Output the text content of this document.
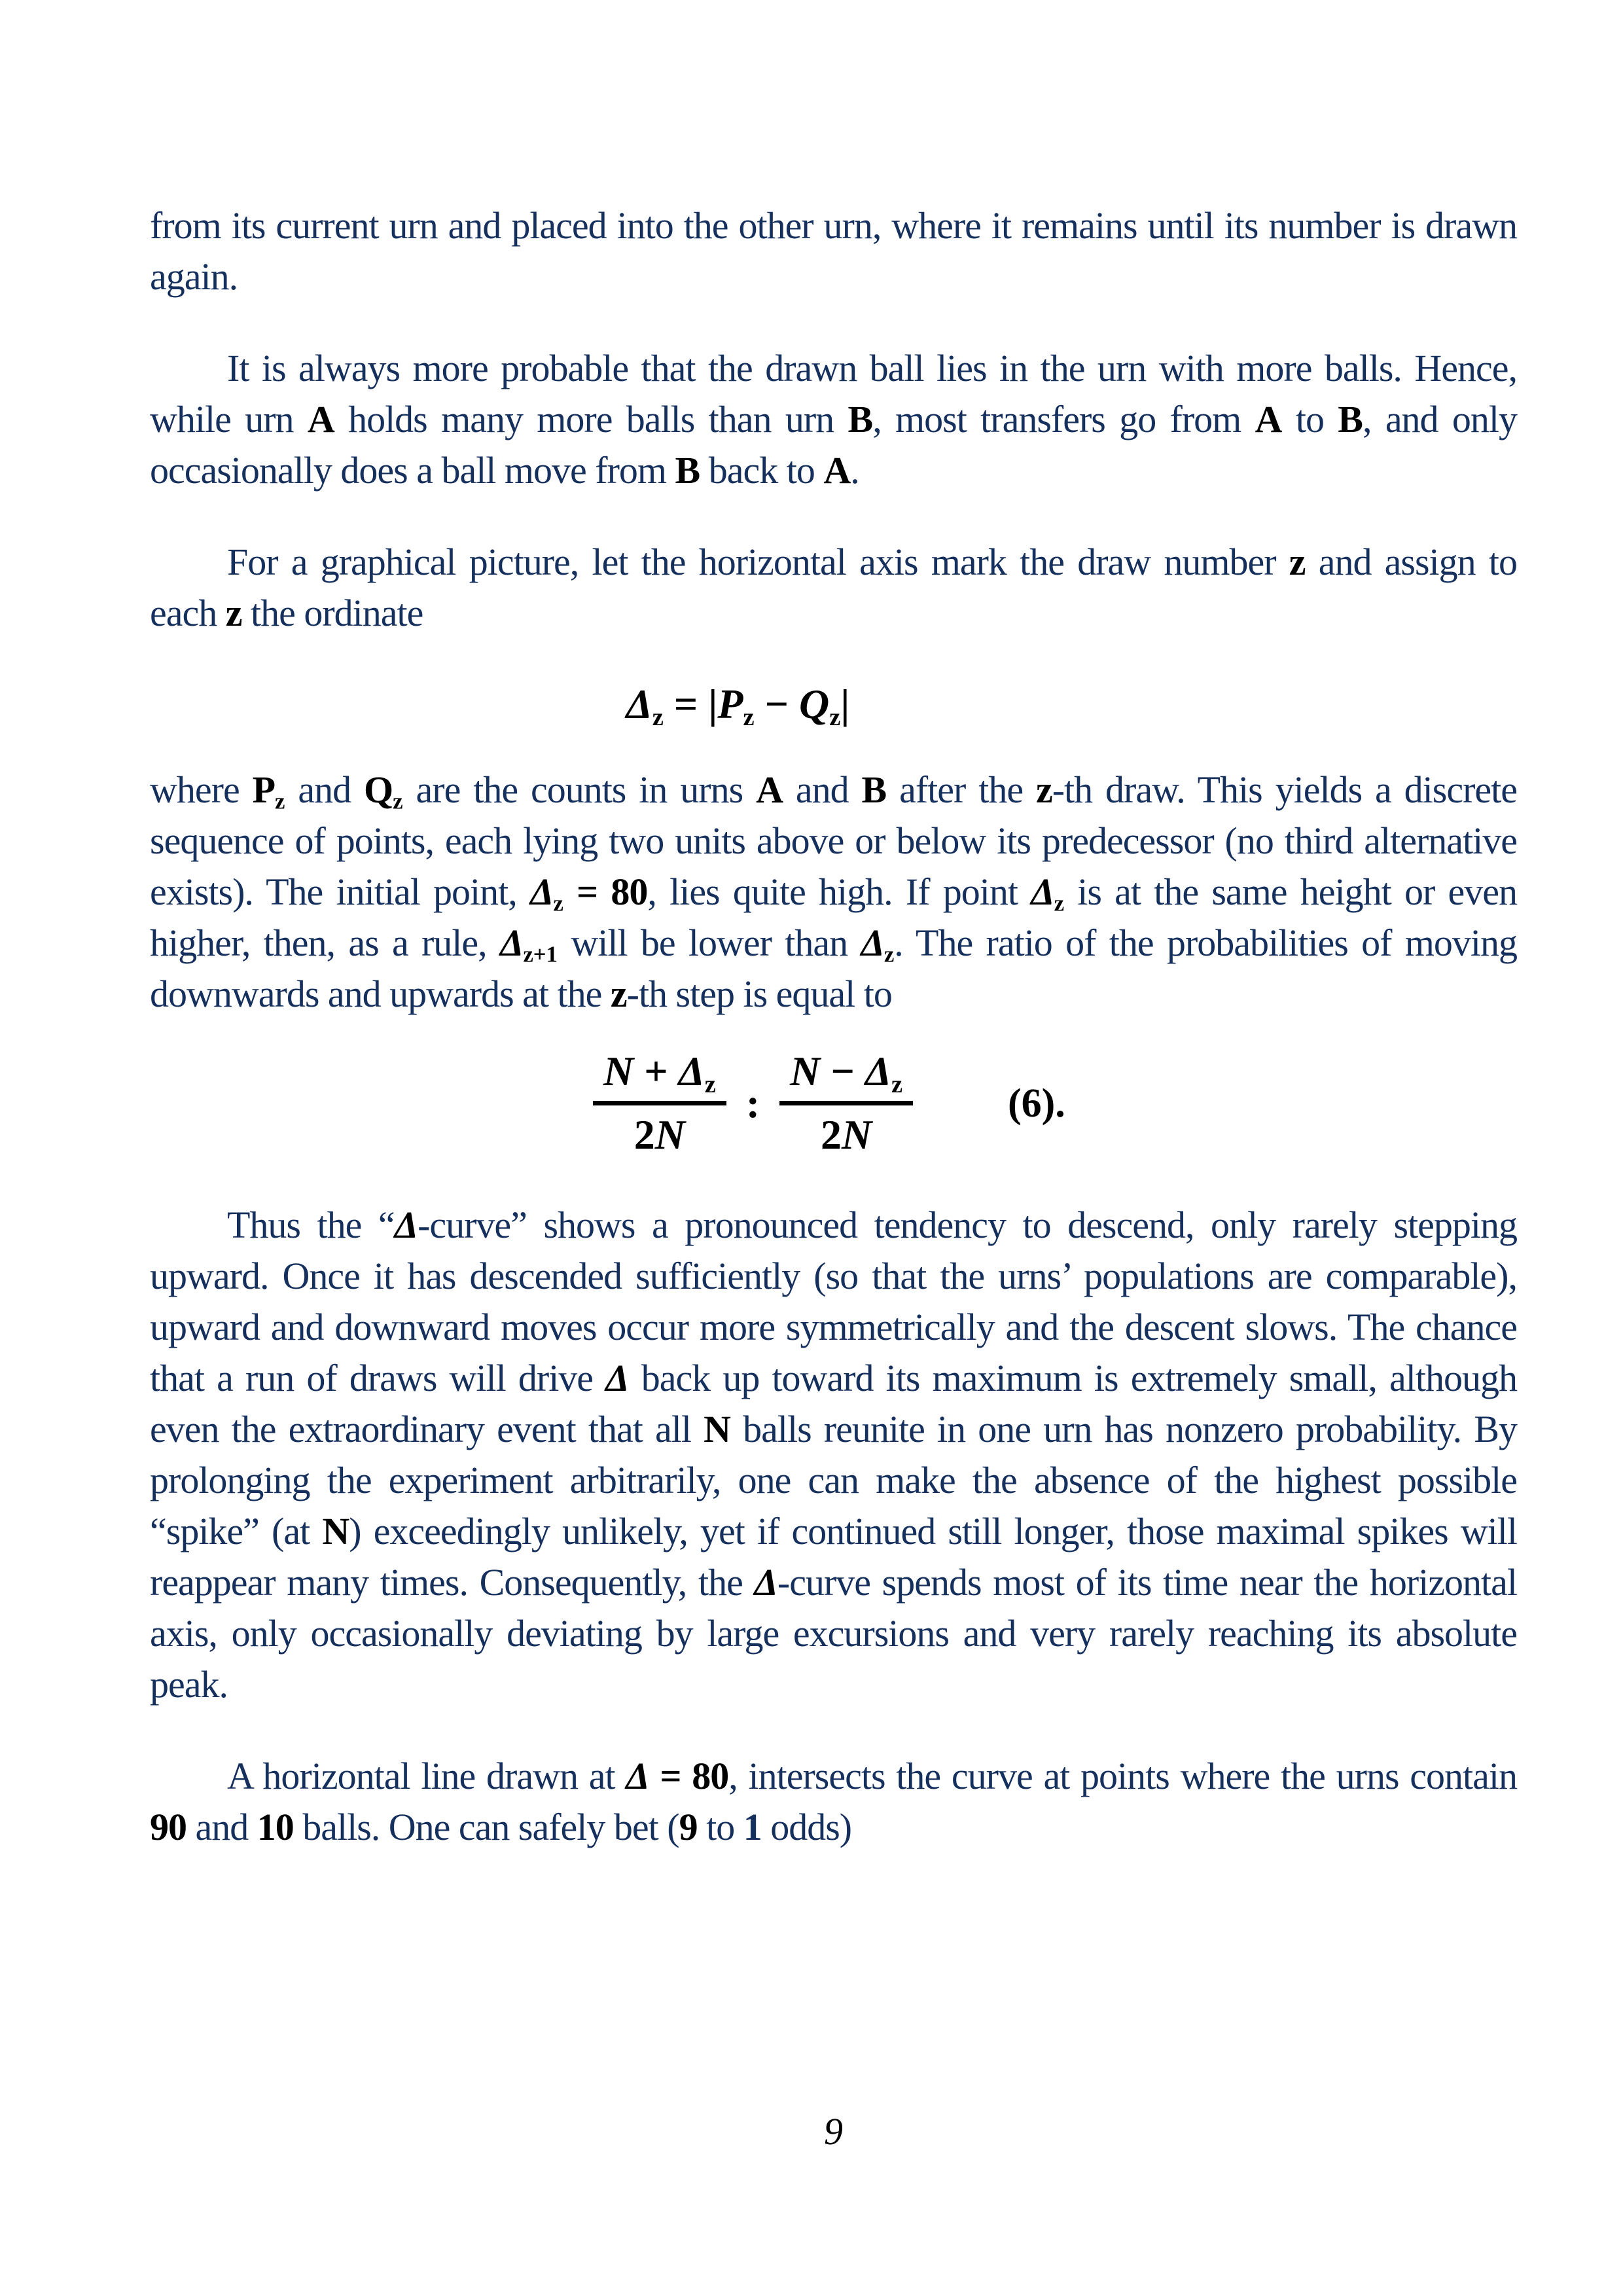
from its current urn and placed into the other urn, where it remains until its number is drawn again.

It is always more probable that the drawn ball lies in the urn with more balls. Hence, while urn A holds many more balls than urn B, most transfers go from A to B, and only occasionally does a ball move from B back to A.

For a graphical picture, let the horizontal axis mark the draw number z and assign to each z the ordinate

$\Delta_z = |P_z - Q_z|$

where $P_z$ and $Q_z$ are the counts in urns A and B after the z-th draw. This yields a discrete sequence of points, each lying two units above or below its predecessor (no third alternative exists). The initial point, $\Delta_z = 80$, lies quite high. If point $\Delta_z$ is at the same height or even higher, then, as a rule, $\Delta_{z+1}$ will be lower than $\Delta_z$. The ratio of the probabilities of moving downwards and upwards at the z-th step is equal to

$\frac{N + \Delta_z}{2N}$ : $\frac{N - \Delta_z}{2N} (6)$.

Thus the “Δ-curve” shows a pronounced tendency to descend, only rarely stepping upward. Once it has descended sufficiently (so that the urns’ populations are comparable), upward and downward moves occur more symmetrically and the descent slows. The chance that a run of draws will drive Δ back up toward its maximum is extremely small, although even the extraordinary event that all N balls reunite in one urn has nonzero probability. By prolonging the experiment arbitrarily, one can make the absence of the highest possible “spike” (at N) exceedingly unlikely, yet if continued still longer, those maximal spikes will reappear many times. Consequently, the Δ-curve spends most of its time near the horizontal axis, only occasionally deviating by large excursions and very rarely reaching its absolute peak.

A horizontal line drawn at Δ = 80, intersects the curve at points where the urns contain 90 and 10 balls. One can safely bet (9 to 1 odds)

9
